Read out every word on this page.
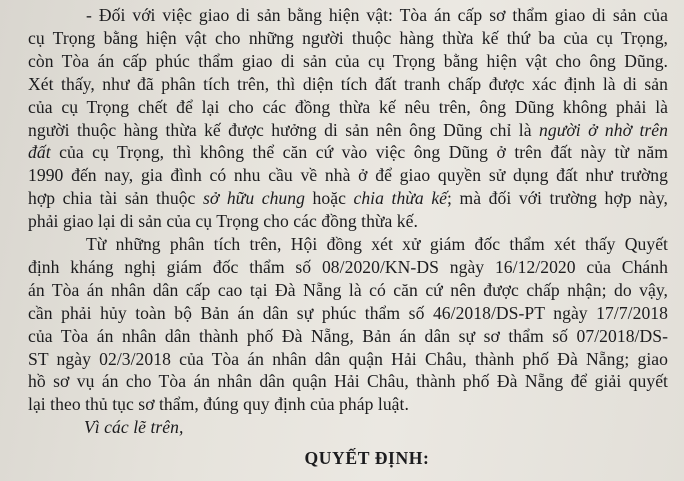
- Đối với việc giao di sản bằng hiện vật: Tòa án cấp sơ thẩm giao di sản của
cụ Trọng bằng hiện vật cho những người thuộc hàng thừa kế thứ ba của cụ Trọng,
còn Tòa án cấp phúc thẩm giao di sản của cụ Trọng bằng hiện vật cho ông Dũng.
Xét thấy, như đã phân tích trên, thì diện tích đất tranh chấp được xác định là di sản
của cụ Trọng chết để lại cho các đồng thừa kế nêu trên, ông Dũng không phải là
người thuộc hàng thừa kế được hưởng di sản nên ông Dũng chỉ là người ở nhờ trên
đất của cụ Trọng, thì không thể căn cứ vào việc ông Dũng ở trên đất này từ năm
1990 đến nay, gia đình có nhu cầu về nhà ở để giao quyền sử dụng đất như trường
hợp chia tài sản thuộc sở hữu chung hoặc chia thừa kế; mà đối với trường hợp này,
phải giao lại di sản của cụ Trọng cho các đồng thừa kế.
Từ những phân tích trên, Hội đồng xét xử giám đốc thẩm xét thấy Quyết
định kháng nghị giám đốc thẩm số 08/2020/KN-DS ngày 16/12/2020 của Chánh
án Tòa án nhân dân cấp cao tại Đà Nẵng là có căn cứ nên được chấp nhận; do vậy,
cần phải hủy toàn bộ Bản án dân sự phúc thẩm số 46/2018/DS-PT ngày 17/7/2018
của Tòa án nhân dân thành phố Đà Nẵng, Bản án dân sự sơ thẩm số 07/2018/DS-
ST ngày 02/3/2018 của Tòa án nhân dân quận Hải Châu, thành phố Đà Nẵng; giao
hồ sơ vụ án cho Tòa án nhân dân quận Hải Châu, thành phố Đà Nẵng để giải quyết
lại theo thủ tục sơ thẩm, đúng quy định của pháp luật.
QUYẾT ĐỊNH:
Vì các lẽ trên,
